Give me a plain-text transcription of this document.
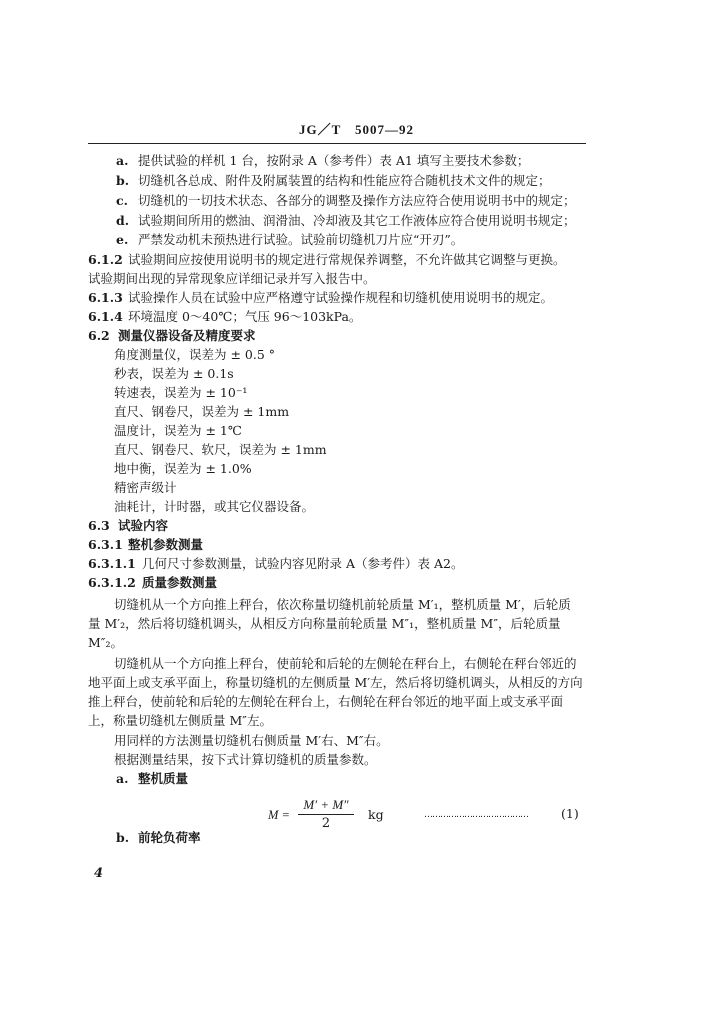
JG／T　5007—92
a. 提供试验的样机 1 台，按附录 A（参考件）表 A1 填写主要技术参数；
b. 切缝机各总成、附件及附属装置的结构和性能应符合随机技术文件的规定；
c. 切缝机的一切技术状态、各部分的调整及操作方法应符合使用说明书中的规定；
d. 试验期间所用的燃油、润滑油、冷却液及其它工作液体应符合使用说明书规定；
e. 严禁发动机未预热进行试验。试验前切缝机刀片应“开刃”。
6.1.2 试验期间应按使用说明书的规定进行常规保养调整，不允许做其它调整与更换。
试验期间出现的异常现象应详细记录并写入报告中。
6.1.3 试验操作人员在试验中应严格遵守试验操作规程和切缝机使用说明书的规定。
6.1.4 环境温度 0～40℃；气压 96～103kPa。
6.2 测量仪器设备及精度要求
角度测量仪，误差为 ± 0.5 °
秒表，误差为 ± 0.1s
转速表，误差为 ± 10⁻¹
直尺、钢卷尺，误差为 ± 1mm
温度计，误差为 ± 1℃
直尺、钢卷尺、软尺，误差为 ± 1mm
地中衡，误差为 ± 1.0%
精密声级计
油耗计，计时器，或其它仪器设备。
6.3 试验内容
6.3.1 整机参数测量
6.3.1.1 几何尺寸参数测量，试验内容见附录 A（参考件）表 A2。
6.3.1.2 质量参数测量
切缝机从一个方向推上秤台，依次称量切缝机前轮质量 M′₁，整机质量 M′，后轮质
量 M′₂，然后将切缝机调头，从相反方向称量前轮质量 M″₁，整机质量 M″，后轮质量
M″₂。
切缝机从一个方向推上秤台，使前轮和后轮的左侧轮在秤台上，右侧轮在秤台邻近的
地平面上或支承平面上，称量切缝机的左侧质量 M′左，然后将切缝机调头，从相反的方向
推上秤台，使前轮和后轮的左侧轮在秤台上，右侧轮在秤台邻近的地平面上或支承平面
上，称量切缝机左侧质量 M″左。
用同样的方法测量切缝机右侧质量 M′右、M″右。
根据测量结果，按下式计算切缝机的质量参数。
a. 整机质量
M =
M′ + M″
2
kg	…………………………………	(1)
b. 前轮负荷率
4
